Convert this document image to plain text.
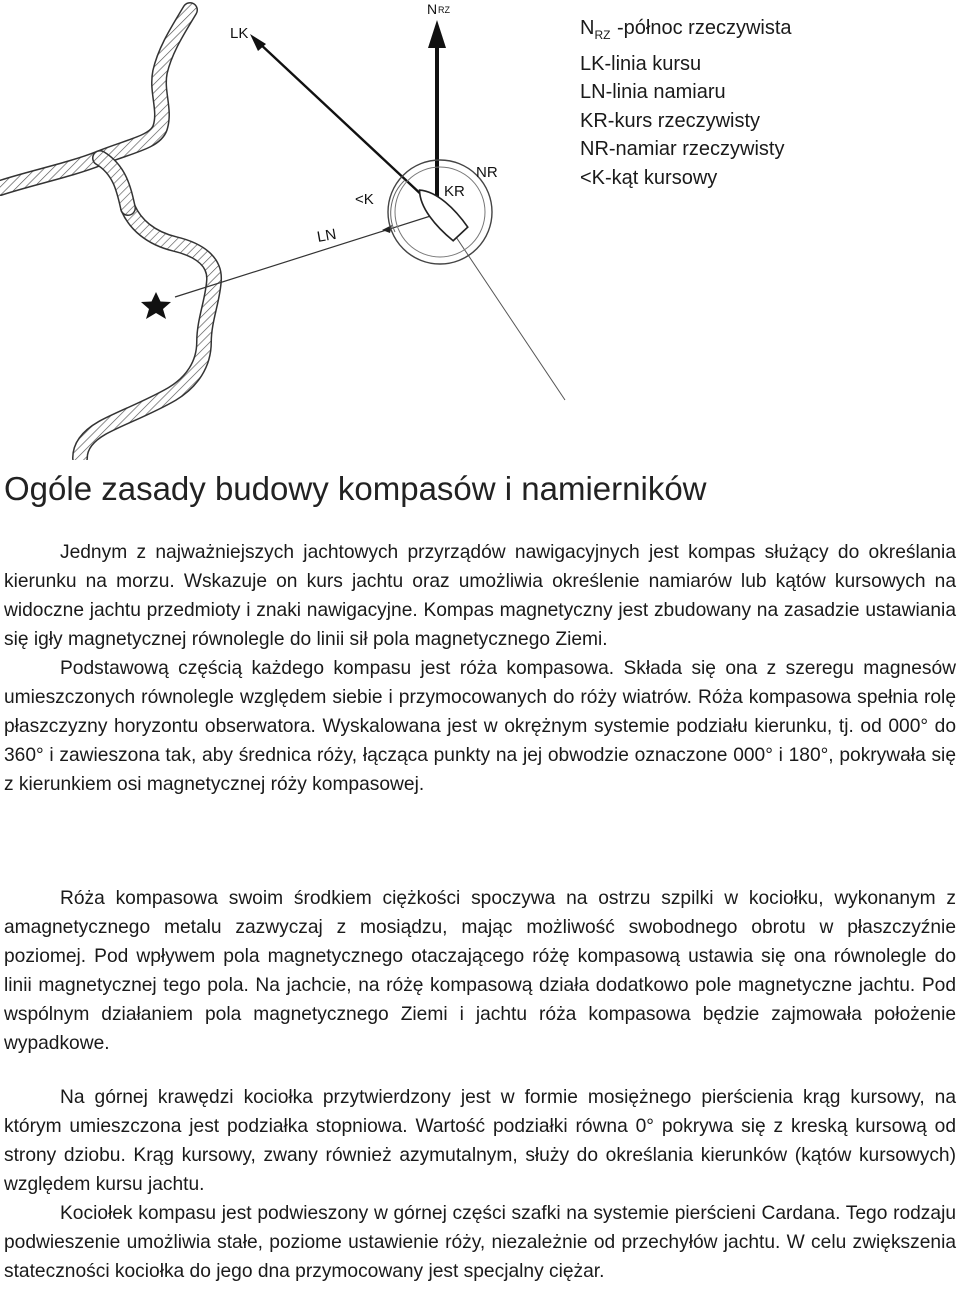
LK
N RZ
NR
KR
<K
LN
$N_{RZ}$ -północ rzeczywista
LK-linia kursu
LN-linia namiaru
KR-kurs rzeczywisty
NR-namiar rzeczywisty
<K-kąt kursowy
Ogóle zasady budowy kompasów i namierników

Jednym z najważniejszych jachtowych przyrządów nawigacyjnych jest kompas służący do określania kierunku na morzu. Wskazuje on kurs jachtu oraz umożliwia określenie namiarów lub kątów kursowych na widoczne jachtu przedmioty i znaki nawigacyjne. Kompas magnetyczny jest zbudowany na zasadzie ustawiania się igły magnetycznej równolegle do linii sił pola magnetycznego Ziemi.

Podstawową częścią każdego kompasu jest róża kompasowa. Składa się ona z szeregu magnesów umieszczonych równolegle względem siebie i przymocowanych do róży wiatrów. Róża kompasowa spełnia rolę płaszczyzny horyzontu obserwatora. Wyskalowana jest w okrężnym systemie podziału kierunku, tj. od 000° do 360° i zawieszona tak, aby średnica róży, łącząca punkty na jej obwodzie oznaczone 000° i 180°, pokrywała się z kierunkiem osi magnetycznej róży kompasowej.

Róża kompasowa swoim środkiem ciężkości spoczywa na ostrzu szpilki w kociołku, wykonanym z amagnetycznego metalu zazwyczaj z mosiądzu, mając możliwość swobodnego obrotu w płaszczyźnie poziomej. Pod wpływem pola magnetycznego otaczającego różę kompasową ustawia się ona równolegle do linii magnetycznej tego pola. Na jachcie, na różę kompasową działa dodatkowo pole magnetyczne jachtu. Pod wspólnym działaniem pola magnetycznego Ziemi i jachtu róża kompasowa będzie zajmowała położenie wypadkowe.

Na górnej krawędzi kociołka przytwierdzony jest w formie mosiężnego pierścienia krąg kursowy, na którym umieszczona jest podziałka stopniowa. Wartość podziałki równa 0° pokrywa się z kreską kursową od strony dziobu. Krąg kursowy, zwany również azymutalnym, służy do określania kierunków (kątów kursowych) względem kursu jachtu.

Kociołek kompasu jest podwieszony w górnej części szafki na systemie pierścieni Cardana. Tego rodzaju podwieszenie umożliwia stałe, poziome ustawienie róży, niezależnie od przechyłów jachtu. W celu zwiększenia stateczności kociołka do jego dna przymocowany jest specjalny ciężar.
